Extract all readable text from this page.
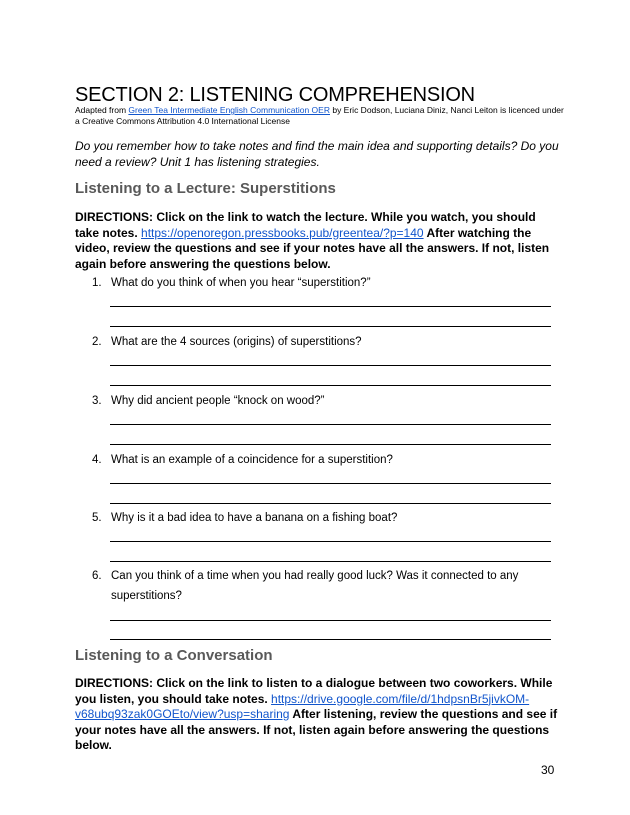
SECTION 2: LISTENING COMPREHENSION
Adapted from Green Tea Intermediate English Communication OER by Eric Dodson, Luciana Diniz, Nanci Leiton is licenced under a Creative Commons Attribution 4.0 International License
Do you remember how to take notes and find the main idea and supporting details? Do you need a review? Unit 1 has listening strategies.
Listening to a Lecture: Superstitions
DIRECTIONS: Click on the link to watch the lecture. While you watch, you should take notes. https://openoregon.pressbooks.pub/greentea/?p=140 After watching the video, review the questions and see if your notes have all the answers. If not, listen again before answering the questions below.
1. What do you think of when you hear “superstition?”
2. What are the 4 sources (origins) of superstitions?
3. Why did ancient people “knock on wood?”
4. What is an example of a coincidence for a superstition?
5. Why is it a bad idea to have a banana on a fishing boat?
6. Can you think of a time when you had really good luck? Was it connected to any
superstitions?
Listening to a Conversation
DIRECTIONS: Click on the link to listen to a dialogue between two coworkers. While you listen, you should take notes. https://drive.google.com/file/d/1hdpsnBr5jivkOM-v68ubq93zak0GOEto/view?usp=sharing After listening, review the questions and see if your notes have all the answers. If not, listen again before answering the questions below.
30
